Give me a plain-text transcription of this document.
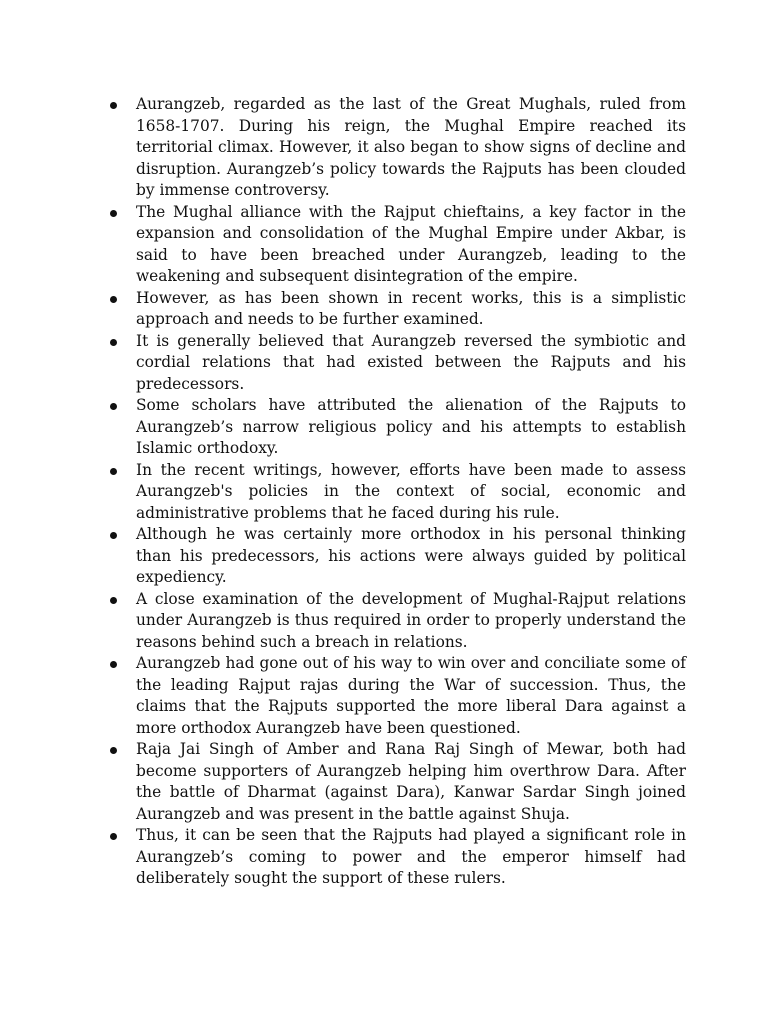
Aurangzeb, regarded as the last of the Great Mughals, ruled from 1658-1707. During his reign, the Mughal Empire reached its territorial climax. However, it also began to show signs of decline and disruption. Aurangzeb’s policy towards the Rajputs has been clouded by immense controversy.
The Mughal alliance with the Rajput chieftains, a key factor in the expansion and consolidation of the Mughal Empire under Akbar, is said to have been breached under Aurangzeb, leading to the weakening and subsequent disintegration of the empire.
However, as has been shown in recent works, this is a simplistic approach and needs to be further examined.
It is generally believed that Aurangzeb reversed the symbiotic and cordial relations that had existed between the Rajputs and his predecessors.
Some scholars have attributed the alienation of the Rajputs to Aurangzeb’s narrow religious policy and his attempts to establish Islamic orthodoxy.
In the recent writings, however, efforts have been made to assess Aurangzeb's policies in the context of social, economic and administrative problems that he faced during his rule.
Although he was certainly more orthodox in his personal thinking than his predecessors, his actions were always guided by political expediency.
A close examination of the development of Mughal-Rajput relations under Aurangzeb is thus required in order to properly understand the reasons behind such a breach in relations.
Aurangzeb had gone out of his way to win over and conciliate some of the leading Rajput rajas during the War of succession. Thus, the claims that the Rajputs supported the more liberal Dara against a more orthodox Aurangzeb have been questioned.
Raja Jai Singh of Amber and Rana Raj Singh of Mewar, both had become supporters of Aurangzeb helping him overthrow Dara. After the battle of Dharmat (against Dara), Kanwar Sardar Singh joined Aurangzeb and was present in the battle against Shuja.
Thus, it can be seen that the Rajputs had played a significant role in Aurangzeb’s coming to power and the emperor himself had deliberately sought the support of these rulers.
